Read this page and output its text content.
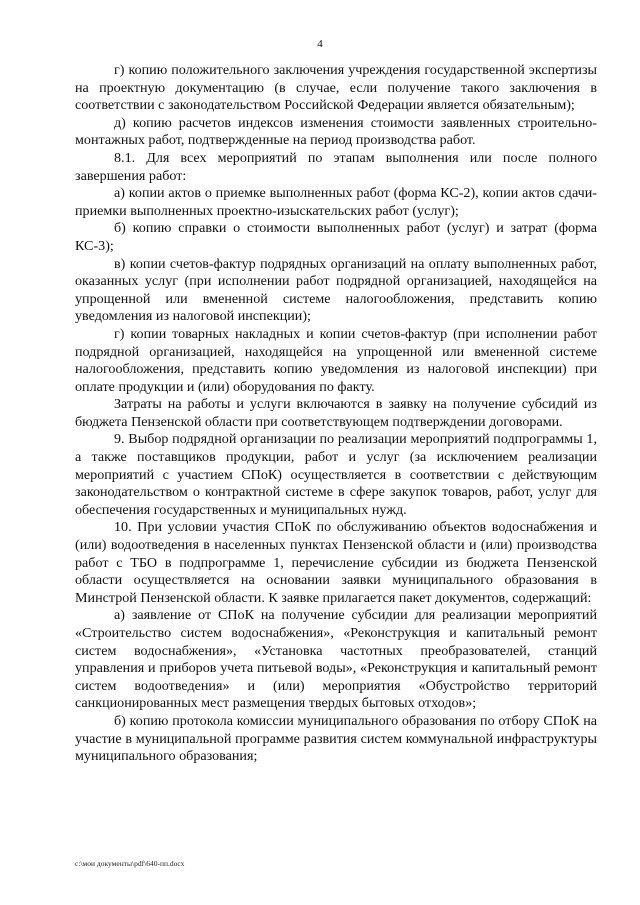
4

г) копию положительного заключения учреждения государственной экспертизы на проектную документацию (в случае, если получение такого заключения в соответствии с законодательством Российской Федерации является обязательным);

д) копию расчетов индексов изменения стоимости заявленных строительно-монтажных работ, подтвержденные на период производства работ.

8.1. Для всех мероприятий по этапам выполнения или после полного завершения работ:

а) копии актов о приемке выполненных работ (форма КС-2), копии актов сдачи-приемки выполненных проектно-изыскательских работ (услуг);

б) копию справки о стоимости выполненных работ (услуг) и затрат (форма КС-3);

в) копии счетов-фактур подрядных организаций на оплату выполненных работ, оказанных услуг (при исполнении работ подрядной организацией, находящейся на упрощенной или вмененной системе налогообложения, представить копию уведомления из налоговой инспекции);

г) копии товарных накладных и копии счетов-фактур (при исполнении работ подрядной организацией, находящейся на упрощенной или вмененной системе налогообложения, представить копию уведомления из налоговой инспекции) при оплате продукции и (или) оборудования по факту.

Затраты на работы и услуги включаются в заявку на получение субсидий из бюджета Пензенской области при соответствующем подтверждении договорами.

9. Выбор подрядной организации по реализации мероприятий подпрограммы 1, а также поставщиков продукции, работ и услуг (за исключением реализации мероприятий с участием СПоК) осуществляется в соответствии с действующим законодательством о контрактной системе в сфере закупок товаров, работ, услуг для обеспечения государственных и муниципальных нужд.

10. При условии участия СПоК по обслуживанию объектов водоснабжения и (или) водоотведения в населенных пунктах Пензенской области и (или) производства работ с ТБО в подпрограмме 1, перечисление субсидии из бюджета Пензенской области осуществляется на основании заявки муниципального образования в Минстрой Пензенской области. К заявке прилагается пакет документов, содержащий:

а) заявление от СПоК на получение субсидии для реализации мероприятий «Строительство систем водоснабжения», «Реконструкция и капитальный ремонт систем водоснабжения», «Установка частотных преобразователей, станций управления и приборов учета питьевой воды», «Реконструкция и капитальный ремонт систем водоотведения» и (или) мероприятия «Обустройство территорий санкционированных мест размещения твердых бытовых отходов»;

б) копию протокола комиссии муниципального образования по отбору СПоК на участие в муниципальной программе развития систем коммунальной инфраструктуры муниципального образования;

c:\мои документы\pdf\640-пп.docx
